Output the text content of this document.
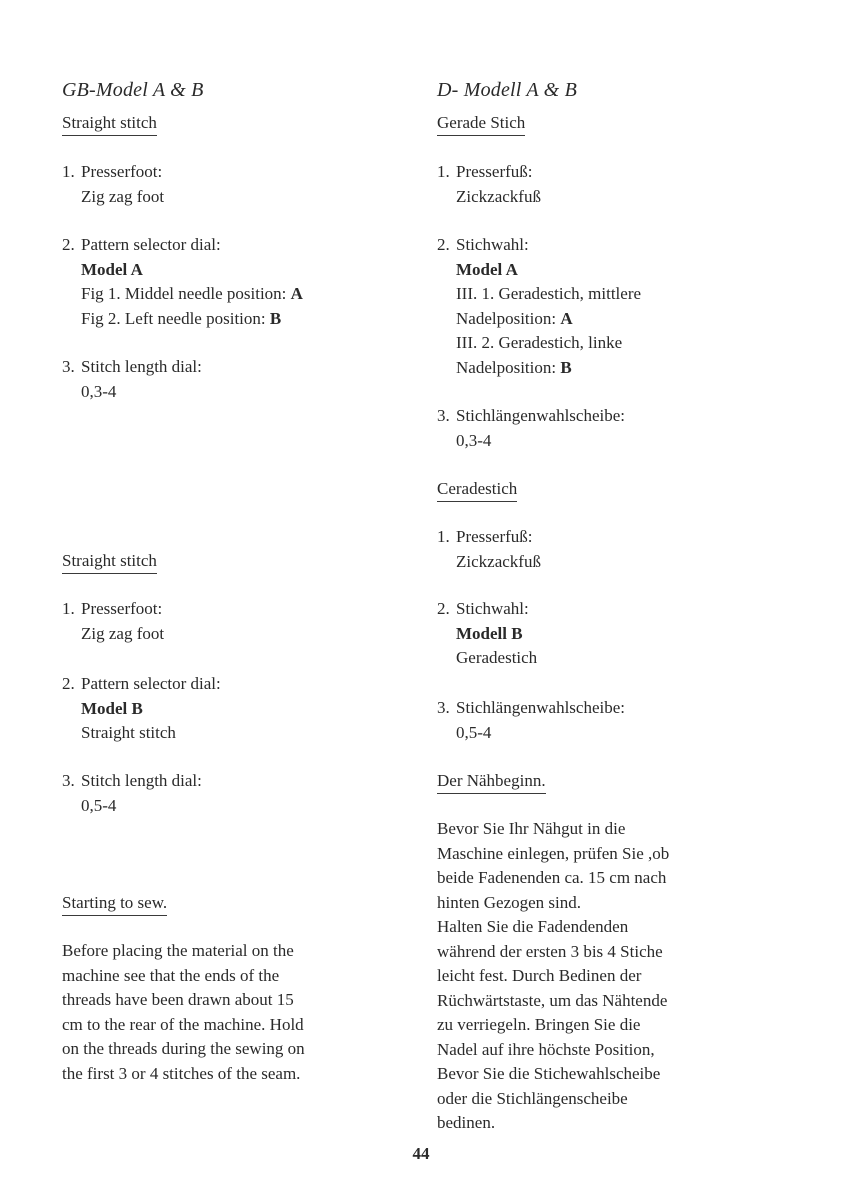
GB-Model A & B
Straight stitch
1. Presserfoot:
Zig zag foot
2. Pattern selector dial:
Model A
Fig 1. Middel needle position: A
Fig 2. Left needle position: B
3. Stitch length dial:
0,3-4
Straight stitch
1. Presserfoot:
Zig zag foot
2. Pattern selector dial:
Model B
Straight stitch
3. Stitch length dial:
0,5-4
Starting to sew.
Before placing the material on the
machine see that the ends of the
threads have been drawn about 15
cm to the rear of the machine. Hold
on the threads during the sewing on
the first 3 or 4 stitches of the seam.
D- Modell A & B
Gerade Stich
1. Presserfuß:
Zickzackfuß
2. Stichwahl:
Model A
III. 1. Geradestich, mittlere
Nadelposition: A
III. 2. Geradestich, linke
Nadelposition: B
3. Stichlängenwahlscheibe:
0,3-4
Ceradestich
1. Presserfuß:
Zickzackfuß
2. Stichwahl:
Modell B
Geradestich
3. Stichlängenwahlscheibe:
0,5-4
Der Nähbeginn.
Bevor Sie Ihr Nähgut in die
Maschine einlegen, prüfen Sie ,ob
beide Fadenenden ca. 15 cm nach
hinten Gezogen sind.
Halten Sie die Fadendenden
während der ersten 3 bis 4 Stiche
leicht fest. Durch Bedinen der
Rüchwärtstaste, um das Nähtende
zu verriegeln. Bringen Sie die
Nadel auf ihre höchste Position,
Bevor Sie die Stichewahlscheibe
oder die Stichlängenscheibe
bedinen.
44
